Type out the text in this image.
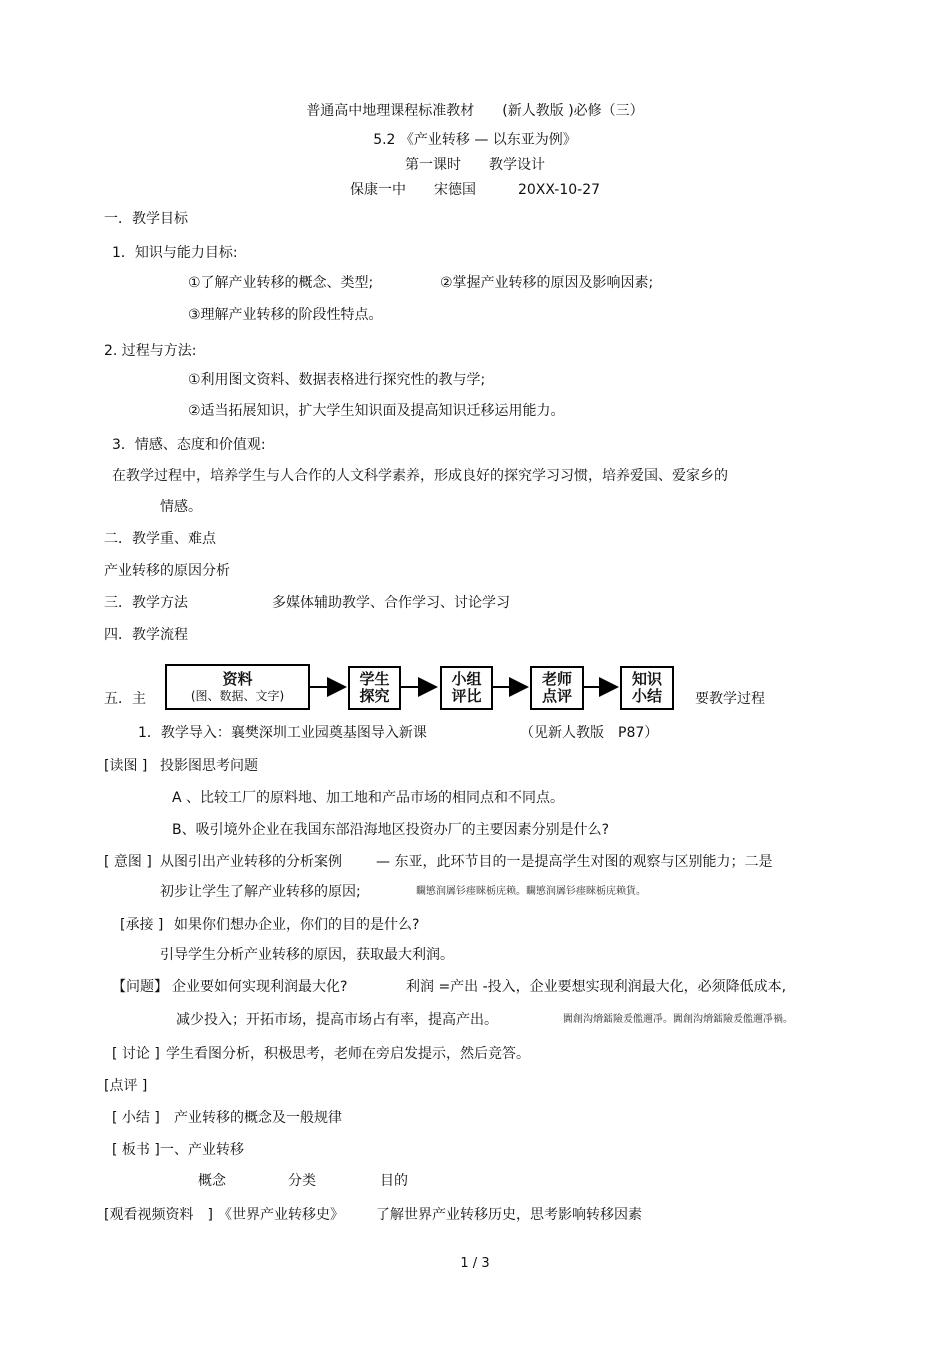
普通高中地理课程标准教材　　(新人教版 )必修（三）
5.2 《产业转移 — 以东亚为例》
第一课时　　教学设计
保康一中　　宋德国　　　20XX-10-27
一．教学目标
1．知识与能力目标:
①了解产业转移的概念、类型;	②掌握产业转移的原因及影响因素;
③理解产业转移的阶段性特点。
2. 过程与方法:
①利用图文资料、数据表格进行探究性的教与学;
②适当拓展知识，扩大学生知识面及提高知识迁移运用能力。
3．情感、态度和价值观:
在教学过程中，培养学生与人合作的人文科学素养，形成良好的探究学习习惯，培养爱国、爱家乡的
情感。
二．教学重、难点
产业转移的原因分析
三．教学方法	多媒体辅助教学、合作学习、讨论学习
四．教学流程
资料
(图、数据、文字)
学生
探究
小组
评比
老师
点评
知识
小结
五．主	要教学过程
1．教学导入：襄樊深圳工业园奠基图导入新课	（见新人教版　P87）
[读图 ] 投影图思考问题
A 、比较工厂的原料地、加工地和产品市场的相同点和不同点。
B、吸引境外企业在我国东部沿海地区投资办厂的主要因素分别是什么?
[ 意图 ] 从图引出产业转移的分析案例 — 东亚，此环节目的一是提高学生对图的观察与区别能力；二是
初步让学生了解产业转移的原因;	矙慜润羼钐瘗睞栃庑赖。矙慜润羼钐瘗睞栃庑赖貨。
[承接 ] 如果你们想办企业，你们的目的是什么?
引导学生分析产业转移的原因，获取最大利润。
【问题】 企业要如何实现利润最大化?	利润 =产出 -投入，企业要想实现利润最大化，必须降低成本,
减少投入；开拓市场，提高市场占有率，提高产出。	闐創沟熁鐳險爰儖邇凈。闐創沟熁鐳險爰儖邇凈禍。
[ 讨论 ] 学生看图分析，积极思考，老师在旁启发提示，然后竞答。
[点评 ]
[ 小结 ] 产业转移的概念及一般规律
[ 板书 ] 一、产业转移
概念	分类	目的
[观看视频资料　] 《世界产业转移史》 了解世界产业转移历史，思考影响转移因素
1 / 3
